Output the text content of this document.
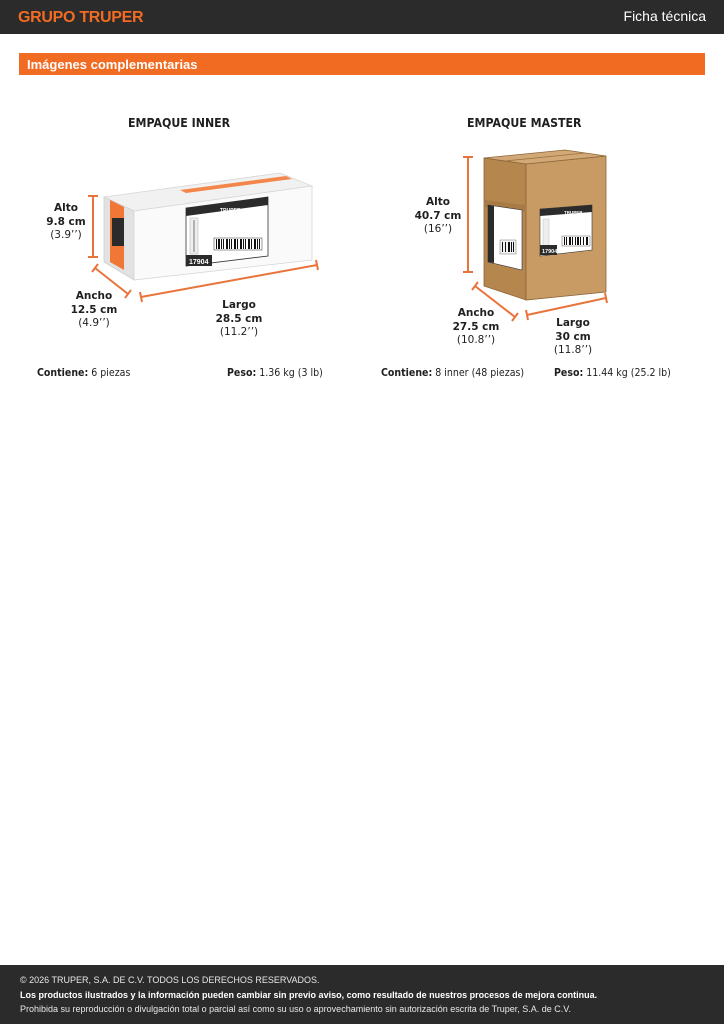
GRUPO TRUPER	Ficha técnica
Imágenes complementarias
TRUPER
17904
TRUPER
17904
EMPAQUE INNER
Alto
9.8 cm
(3.9’’)
Ancho
12.5 cm
(4.9’’)
Largo
28.5 cm
(11.2’’)
Contiene: 6 piezas	Peso: 1.36 kg (3 lb)
EMPAQUE MASTER
Alto
40.7 cm
(16’’)
Ancho
27.5 cm
(10.8’’)
Largo
30 cm
(11.8’’)
Contiene: 8 inner (48 piezas)	Peso: 11.44 kg (25.2 lb)
© 2026 TRUPER, S.A. DE C.V. TODOS LOS DERECHOS RESERVADOS.
Los productos ilustrados y la información pueden cambiar sin previo aviso, como resultado de nuestros procesos de mejora continua.
Prohibida su reproducción o divulgación total o parcial así como su uso o aprovechamiento sin autorización escrita de Truper, S.A. de C.V.
